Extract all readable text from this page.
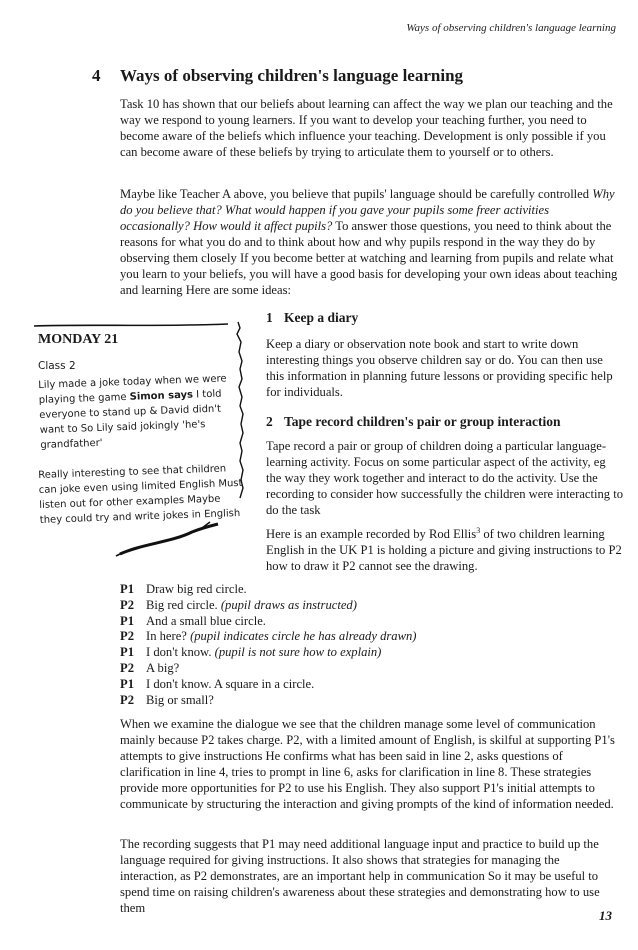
Ways of observing children's language learning
4 Ways of observing children's language learning

Task 10 has shown that our beliefs about learning can affect the way we plan our teaching and the way we respond to young learners. If you want to develop your teaching further, you need to become aware of the beliefs which influence your teaching. Development is only possible if you can become aware of these beliefs by trying to articulate them to yourself or to others.

Maybe like Teacher A above, you believe that pupils' language should be carefully controlled Why do you believe that? What would happen if you gave your pupils some freer activities occasionally? How would it affect pupils? To answer those questions, you need to think about the reasons for what you do and to think about how and why pupils respond in the way they do by observing them closely If you become better at watching and learning from pupils and relate what you learn to your beliefs, you will have a good basis for developing your own ideas about teaching and learning Here are some ideas:

MONDAY 21
Class 2

Lily made a joke today when we were playing the game Simon says I told everyone to stand up & David didn't want to So Lily said jokingly 'he's grandfather'

Really interesting to see that children can joke even using limited English Must listen out for other examples Maybe they could try and write jokes in English

1 Keep a diary

Keep a diary or observation note book and start to write down interesting things you observe children say or do. You can then use this information in planning future lessons or providing specific help for individuals.

2 Tape record children's pair or group interaction

Tape record a pair or group of children doing a particular language-learning activity. Focus on some particular aspect of the activity, eg the way they work together and interact to do the activity. Use the recording to consider how successfully the children were interacting to do the task

Here is an example recorded by Rod Ellis$^3$ of two children learning English in the UK P1 is holding a picture and giving instructions to P2 how to draw it P2 cannot see the drawing.

P1 Draw big red circle.
P2 Big red circle. (pupil draws as instructed)
P1 And a small blue circle.
P2 In here? (pupil indicates circle he has already drawn)
P1 I don't know. (pupil is not sure how to explain)
P2 A big?
P1 I don't know. A square in a circle.
P2 Big or small?

When we examine the dialogue we see that the children manage some level of communication mainly because P2 takes charge. P2, with a limited amount of English, is skilful at supporting P1's attempts to give instructions He confirms what has been said in line 2, asks questions of clarification in line 4, tries to prompt in line 6, asks for clarification in line 8. These strategies provide more opportunities for P2 to use his English. They also support P1's initial attempts to communicate by structuring the interaction and giving prompts of the kind of information needed.

The recording suggests that P1 may need additional language input and practice to build up the language required for giving instructions. It also shows that strategies for managing the interaction, as P2 demonstrates, are an important help in communication So it may be useful to spend time on raising children's awareness about these strategies and demonstrating how to use them	13
